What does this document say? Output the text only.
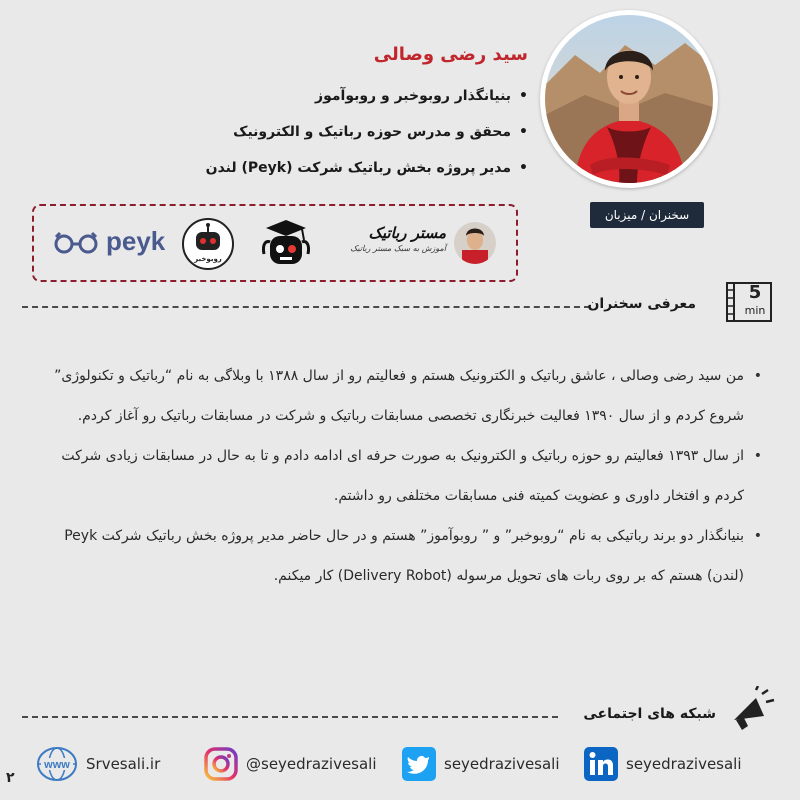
سخنران / میزبان
سید رضی وصالی
• بنیانگذار روبوخبر و روبوآموز
• محقق و مدرس حوزه رباتیک و الکترونیک
• مدیر پروژه بخش رباتیک شرکت (Peyk) لندن
peyk
روبوخبر
مستر رباتیک
آموزش به سبک مستر رباتیک
معرفی سخنران
5
min
• من سید رضی وصالی ، عاشق رباتیک و الکترونیک هستم و فعالیتم رو از سال ۱۳۸۸ با وبلاگی به نام “رباتیک و تکنولوژی” شروع کردم و از سال ۱۳۹۰ فعالیت خبرنگاری تخصصی مسابقات رباتیک و شرکت در مسابقات رباتیک رو آغاز کردم.
• از سال ۱۳۹۳ فعالیتم رو حوزه رباتیک و الکترونیک به صورت حرفه ای ادامه دادم و تا به حال در مسابقات زیادی شرکت کردم و افتخار داوری و عضویت کمیته فنی مسابقات مختلفی رو داشتم.
• بنیانگذار دو برند رباتیکی به نام “روبوخبر” و ” روبوآموز” هستم و در حال حاضر مدیر پروژه بخش رباتیک شرکت Peyk (لندن) هستم که بر روی ربات های تحویل مرسوله (Delivery Robot) کار میکنم.
شبکه های اجتماعی
www Srvesali.ir	@seyedrazivesali	seyedrazivesali	seyedrazivesali
۲
